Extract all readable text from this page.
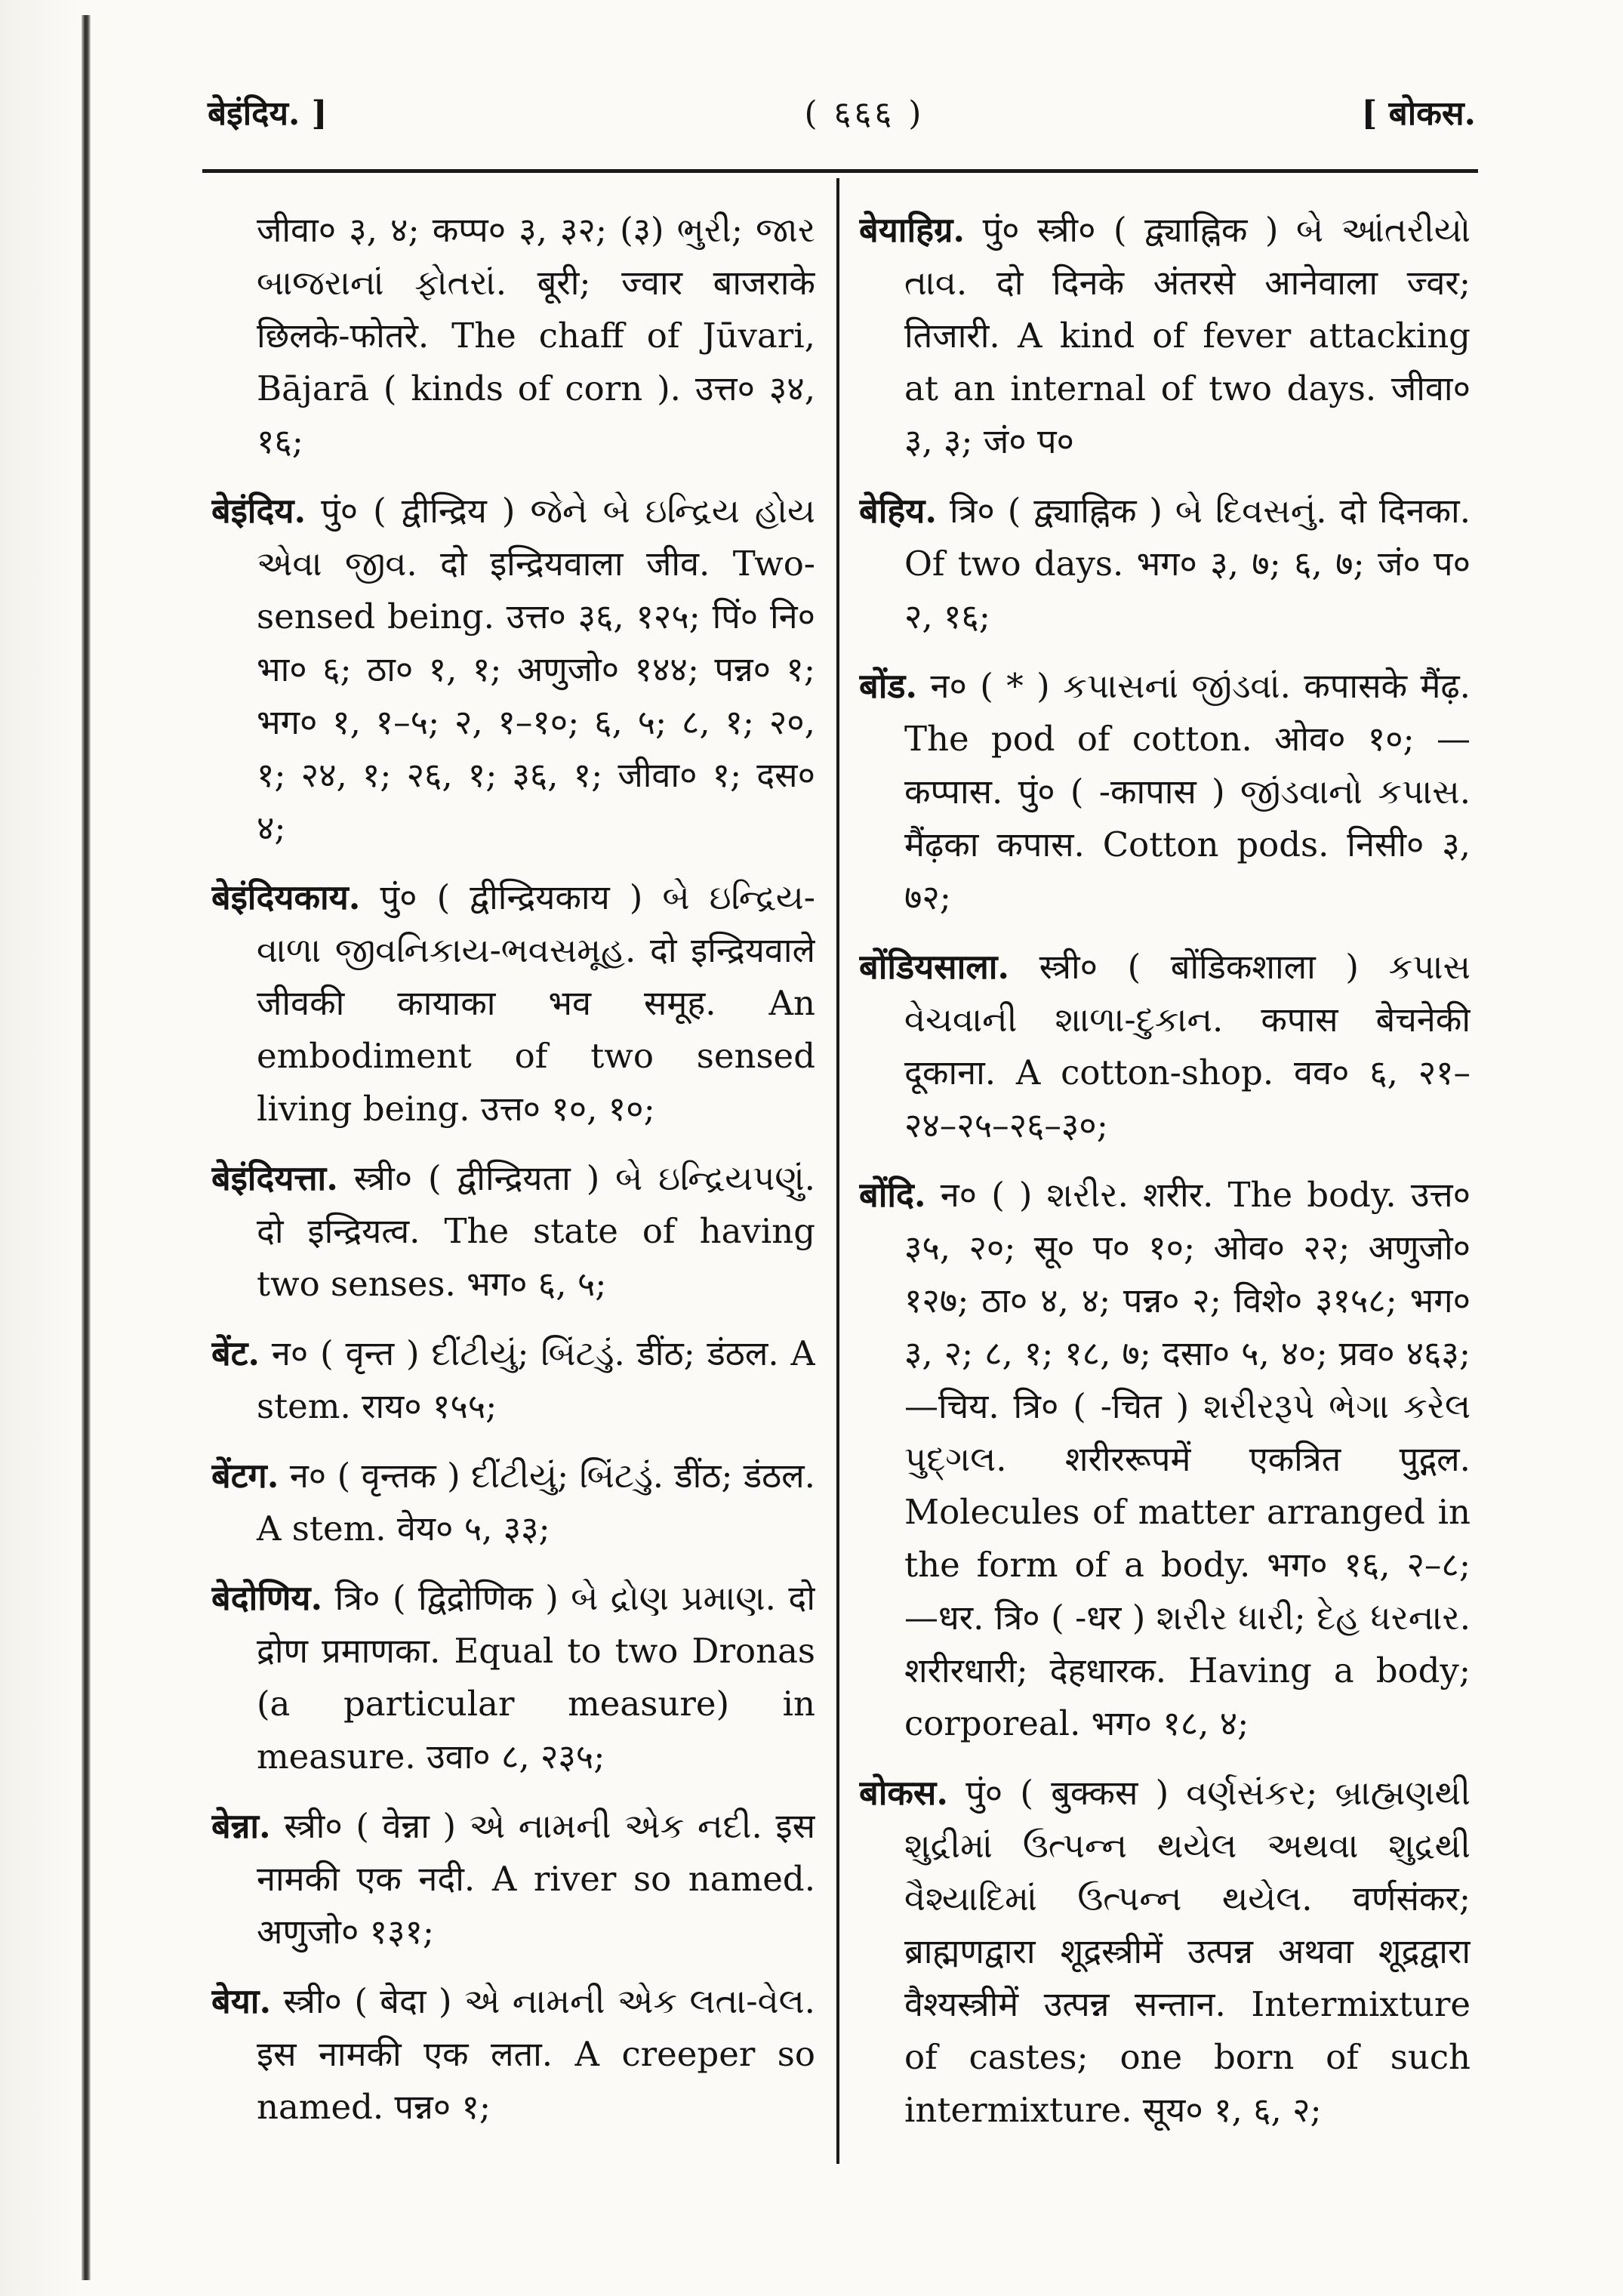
बेइंदिय. ]	( ६६६ )	[ बोकस.

जीवा० ३, ४; कप्प० ३, ३२; (३) ભુરી; જાર બાજરાનાં ફોતરાં. बूरी; ज्वार बाजराके छिलके-फोतरे. The chaff of Jūvari, Bājarā ( kinds of corn ). उत्त० ३४, १६;

बेइंदिय. पुं० ( द्वीन्द्रिय ) જેને બે ઇન્દ્રિય હોય એવા જીવ. दो इन्द्रियवाला जीव. Two-sensed being. उत्त० ३६, १२५; पिं० नि० भा० ६; ठा० १, १; अणुजो० १४४; पन्न० १; भग० १, १–५; २, १–१०; ६, ५; ८, १; २०, १; २४, १; २६, १; ३६, १; जीवा० १; दस० ४;

बेइंदियकाय. पुं० ( द्वीन्द्रियकाय ) બે ઇન્દ્રિય-વાળા જીવનિકાય-ભવસમૂહ. दो इन्द्रियवाले जीवकी कायाका भव समूह. An embodiment of two sensed living being. उत्त० १०, १०;

बेइंदियत्ता. स्त्री० ( द्वीन्द्रियता ) બે ઇન્દ્રિયપણું. दो इन्द्रियत्व. The state of having two senses. भग० ६, ५;

बेंट. न० ( वृन्त ) દીંટીયું; બિંટડું. डींठ; डंठल. A stem. राय० १५५;

बेंटग. न० ( वृन्तक ) દીંટીયું; બિંટડું. डींठ; डंठल. A stem. वेय० ५, ३३;

बेदोणिय. त्रि० ( द्विद्रोणिक ) બે દ્રોણ પ્રમાણ. दो द्रोण प्रमाणका. Equal to two Dronas (a particular measure) in measure. उवा० ८, २३५;

बेन्ना. स्त्री० ( वेन्ना ) એ નામની એક નદી. इस नामकी एक नदी. A river so named. अणुजो० १३१;

बेया. स्त्री० ( बेदा ) એ નામની એક લતા-વેલ. इस नामकी एक लता. A creeper so named. पन्न० १;

बेयाहिग्र. पुं० स्त्री० ( द्व्याह्निक ) બે આંતરીયો તાવ. दो दिनके अंतरसे आनेवाला ज्वर; तिजारी. A kind of fever attacking at an internal of two days. जीवा० ३, ३; जं० प०

बेहिय. त्रि० ( द्व्याह्निक ) બે દિવસનું. दो दिनका. Of two days. भग० ३, ७; ६, ७; जं० प० २, १६;

बोंड. न० ( * ) કપાસનાં જીંડવાં. कपासके मैंढ़. The pod of cotton. ओव० १०; —कप्पास. पुं० ( -कापास ) જીંડવાનો કપાસ. मैंढ़का कपास. Cotton pods. निसी० ३, ७२;

बोंडियसाला. स्त्री० ( बोंडिकशाला ) કપાસ વેચવાની શાળા-દુકાન. कपास बेचनेकी दूकाना. A cotton-shop. वव० ६, २१–२४–२५–२६–३०;

बोंदि. न० ( ) શરીર. शरीर. The body. उत्त० ३५, २०; सू० प० १०; ओव० २२; अणुजो० १२७; ठा० ४, ४; पन्न० २; विशे० ३१५८; भग० ३, २; ८, १; १८, ७; दसा० ५, ४०; प्रव० ४६३; —चिय. त्रि० ( -चित ) શરીરરૂપે ભેગા કરેલ પુદ્ગલ. शरीररूपमें एकत्रित पुद्गल. Molecules of matter arranged in the form of a body. भग० १६, २–८; —धर. त्रि० ( -धर ) શરીર ધારી; દેહ ધરનાર. शरीरधारी; देहधारक. Having a body; corporeal. भग० १८, ४;

बोकस. पुं० ( बुक्कस ) વર્ણસંકર; બ્રાહ્મણથી શુદ્રીમાં ઉત્પન્ન થયેલ અથવા શુદ્રથી વૈશ્યાદિમાં ઉત્પન્ન થયેલ. वर्णसंकर; ब्राह्मणद्वारा शूद्रस्त्रीमें उत्पन्न अथवा शूद्रद्वारा वैश्यस्त्रीमें उत्पन्न सन्तान. Intermixture of castes; one born of such intermixture. सूय० १, ६, २;
